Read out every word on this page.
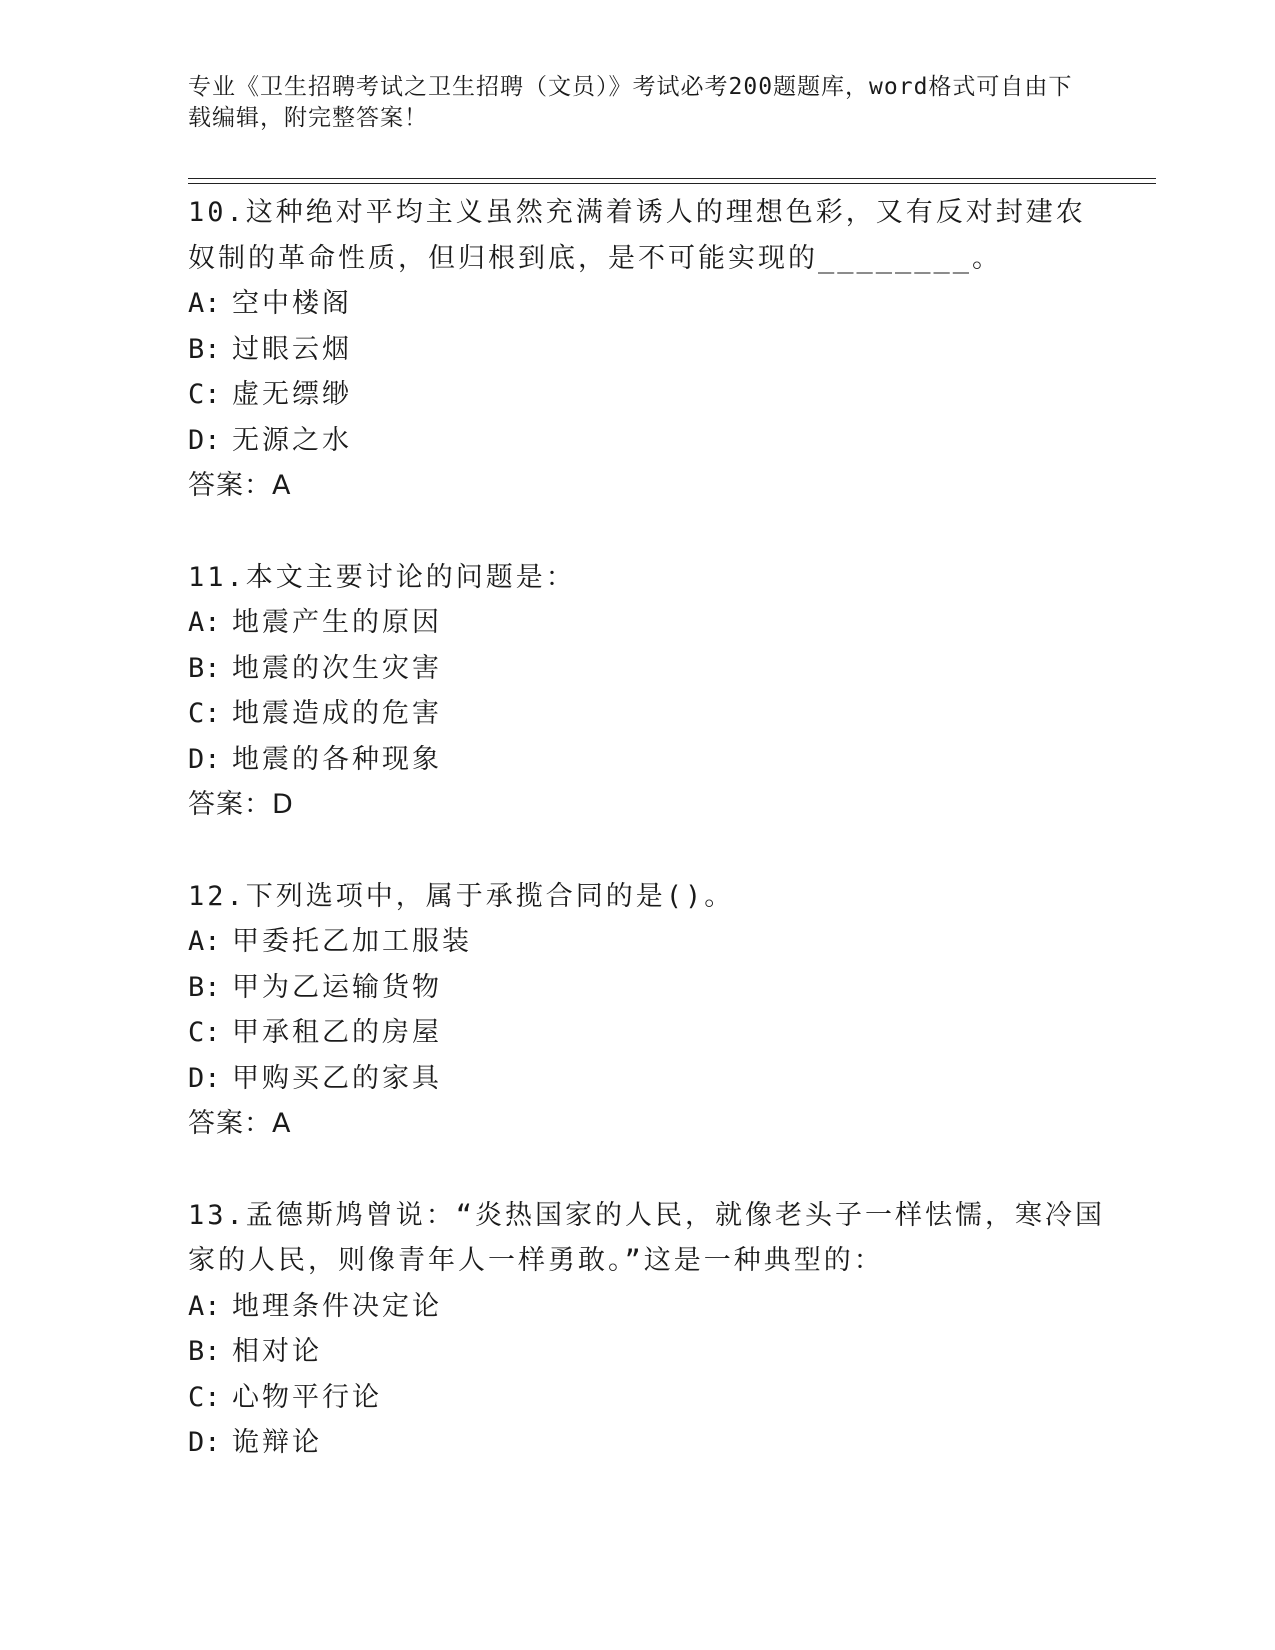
专业《卫生招聘考试之卫生招聘（文员）》考试必考200题题库，word格式可自由下载编辑，附完整答案！
10.这种绝对平均主义虽然充满着诱人的理想色彩，又有反对封建农奴制的革命性质，但归根到底，是不可能实现的________。
A: 空中楼阁
B: 过眼云烟
C: 虚无缥缈
D: 无源之水
答案：A
11.本文主要讨论的问题是：
A: 地震产生的原因
B: 地震的次生灾害
C: 地震造成的危害
D: 地震的各种现象
答案：D
12.下列选项中，属于承揽合同的是()。
A: 甲委托乙加工服装
B: 甲为乙运输货物
C: 甲承租乙的房屋
D: 甲购买乙的家具
答案：A
13.孟德斯鸠曾说：“炎热国家的人民，就像老头子一样怯懦，寒冷国家的人民，则像青年人一样勇敢。”这是一种典型的：
A: 地理条件决定论
B: 相对论
C: 心物平行论
D: 诡辩论
